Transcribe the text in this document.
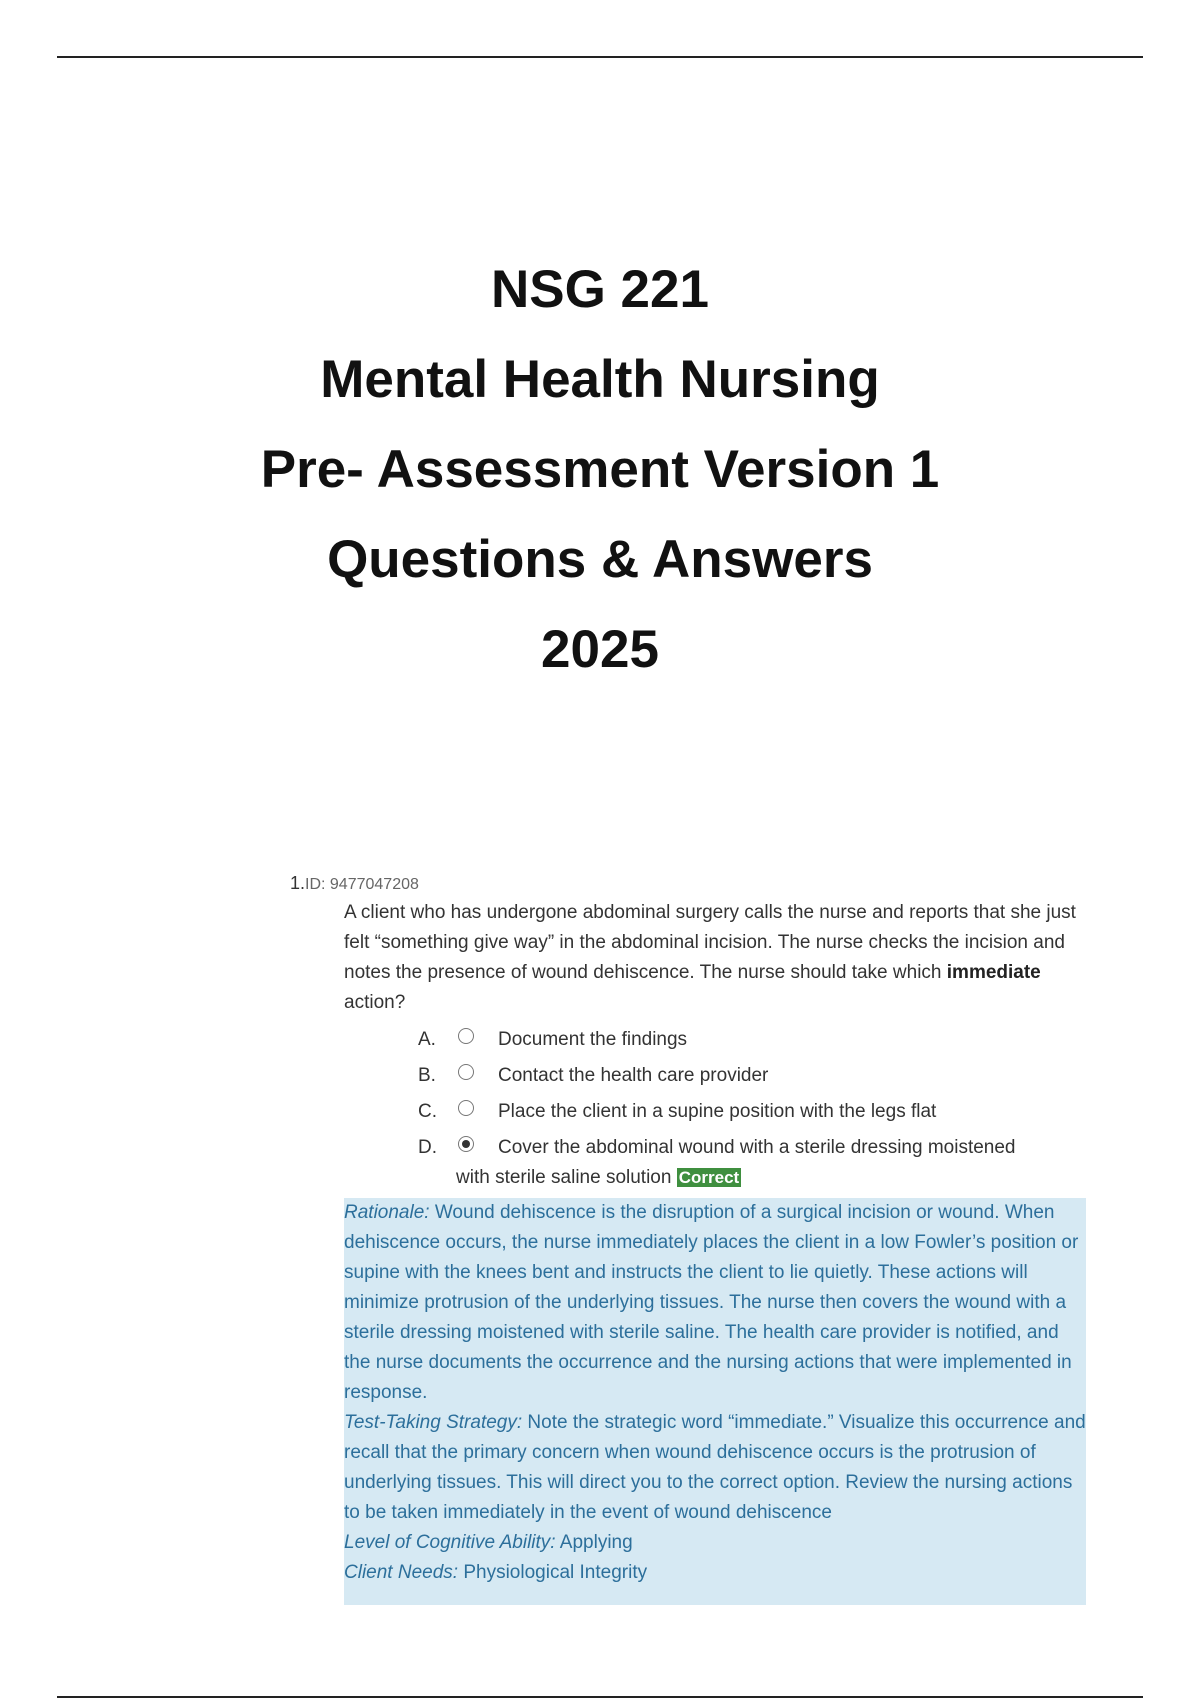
NSG 221

Mental Health Nursing

Pre- Assessment Version 1

Questions & Answers

2025

1.ID: 9477047208
A client who has undergone abdominal surgery calls the nurse and reports that she just felt “something give way” in the abdominal incision. The nurse checks the incision and notes the presence of wound dehiscence. The nurse should take which immediate action?
A.	Document the findings
B.	Contact the health care provider
C.	Place the client in a supine position with the legs flat
D.	Cover the abdominal wound with a sterile dressing moistened
with sterile saline solution Correct
Rationale: Wound dehiscence is the disruption of a surgical incision or wound. When dehiscence occurs, the nurse immediately places the client in a low Fowler’s position or supine with the knees bent and instructs the client to lie quietly. These actions will minimize protrusion of the underlying tissues. The nurse then covers the wound with a sterile dressing moistened with sterile saline. The health care provider is notified, and the nurse documents the occurrence and the nursing actions that were implemented in response.
Test-Taking Strategy: Note the strategic word “immediate.” Visualize this occurrence and recall that the primary concern when wound dehiscence occurs is the protrusion of underlying tissues. This will direct you to the correct option. Review the nursing actions to be taken immediately in the event of wound dehiscence
Level of Cognitive Ability: Applying
Client Needs: Physiological Integrity
